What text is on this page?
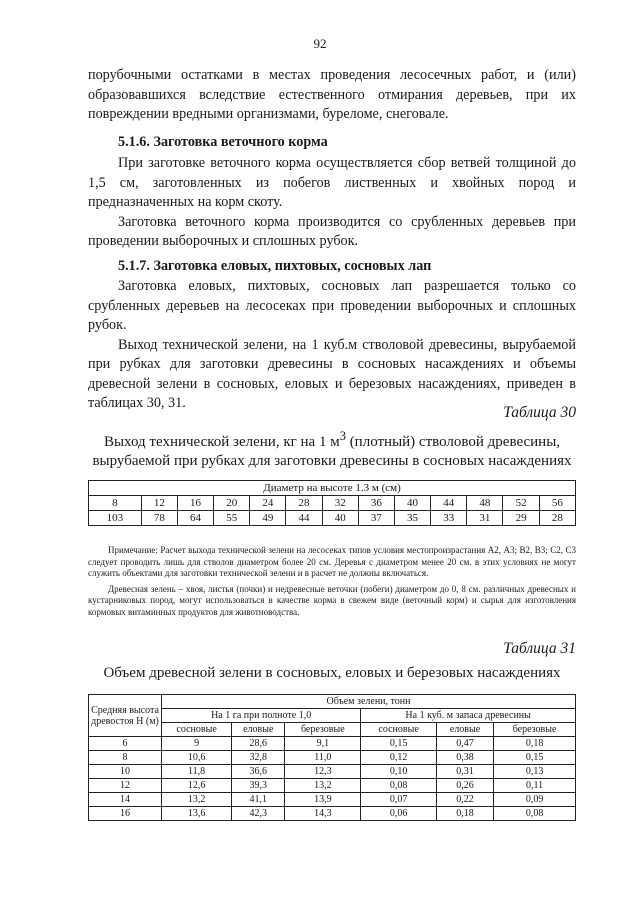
92

порубочными остатками в местах проведения лесосечных работ, и (или) образовавшихся вследствие естественного отмирания деревьев, при их повреждении вредными организмами, буреломе, снеговале.

5.1.6. Заготовка веточного корма

При заготовке веточного корма осуществляется сбор ветвей толщиной до 1,5 см, заготовленных из побегов лиственных и хвойных пород и предназначенных на корм скоту.

Заготовка веточного корма производится со срубленных деревьев при проведении выборочных и сплошных рубок.

5.1.7. Заготовка еловых, пихтовых, сосновых лап

Заготовка еловых, пихтовых, сосновых лап разрешается только со срубленных деревьев на лесосеках при проведении выборочных и сплошных рубок.

Выход технической зелени, на 1 куб.м стволовой древесины, вырубаемой при рубках для заготовки древесины в сосновых насаждениях и объемы древесной зелени в сосновых, еловых и березовых насаждениях, приведен в таблицах 30, 31.

Таблица 30
Выход технической зелени, кг на 1 $м^3$ (плотный) стволовой древесины, вырубаемой при рубках для заготовки древесины в сосновых насаждениях
Диаметр на высоте 1.3 м (см)												
8	12	16	20	24	28	32	36	40	44	48	52	56
103	78	64	55	49	44	40	37	35	33	31	29	28

Примечание: Расчет выхода технической зелени на лесосеках типов условия местопроизрастания А2, А3; В2, В3; С2, С3 следует проводить лишь для стволов диаметром более 20 см. Деревья с диаметром менее 20 см. в этих условиях не могут служить объектами для заготовки технической зелени и в расчет не должны включаться.

Древесная зелень – хвоя, листья (почки) и недревесные веточки (побеги) диаметром до 0, 8 см. различных древесных и кустарниковых пород, могут использоваться в качестве корма в свежем виде (веточный корм) и сырья для изготовления кормовых витаминных продуктов для животноводства.

Таблица 31
Объем древесной зелени в сосновых, еловых и березовых насаждениях
Средняя высота древостоя Н (м)	Объем зелени, тонн					
	На 1 га при полноте 1,0			На 1 куб. м запаса древесины		
	сосновые	еловые	березовые	сосновые	еловые	березовые
6	9	28,6	9,1	0,15	0,47	0,18
8	10,6	32,8	11,0	0,12	0,38	0,15
10	11,8	36,6	12,3	0,10	0,31	0,13
12	12,6	39,3	13,2	0,08	0,26	0,11
14	13,2	41,1	13,9	0,07	0,22	0,09
16	13,6	42,3	14,3	0,06	0,18	0,08
